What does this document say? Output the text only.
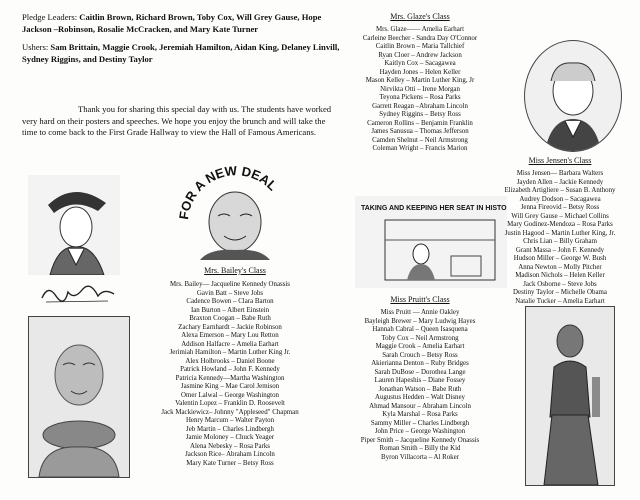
Pledge Leaders: Caitlin Brown, Richard Brown, Toby Cox, Will Grey Gause, Hope Jackson –Robinson, Rosalie McCracken, and Mary Kate Turner

Ushers: Sam Brittain, Maggie Crook, Jeremiah Hamilton, Aidan King, Delaney Linvill, Sydney Riggins, and Destiny Taylor

Thank you for sharing this special day with us. The students have worked very hard on their posters and speeches. We hope you enjoy the brunch and will take the time to come back to the First Grade Hallway to view the Hall of Famous Americans.
FOR A NEW DEAL
Mrs. Bailey's Class
Mrs. Bailey— Jacqueline Kennedy Onassis
Gavin Batt – Steve Jobs
Cadence Bowen – Clara Barton
Ian Burton – Albert Einstein
Braxton Coogan – Babe Ruth
Zachary Earnhardt – Jackie Robinson
Alexa Emerson – Mary Lou Retton
Addison Halfacre – Amelia Earhart
Jerimiah Hamilton – Martin Luther King Jr.
Alex Holbrooks – Daniel Boone
Patrick Howland – John F. Kennedy
Patricia Kennedy—Martha Washington
Jasmine King – Mae Carol Jemison
Omer Lalwal – George Washington
Valentin Lopez – Franklin D. Roosevelt
Jack Mackiewicz– Johnny "Appleseed" Chapman
Henry Marcum – Walter Payton
Jeb Martin – Charles Lindbergh
Jamie Moloney – Chuck Yeager
Alena Nebesky – Rosa Parks
Jackson Rice– Abraham Lincoln
Mary Kate Turner – Betsy Ross
Mrs. Glaze's Class
Mrs. Glaze—— Amelia Earhart
Carleine Beecher - Sandra Day O'Connor
Caitlin Brown – Maria Tallchief
Ryan Cloer – Andrew Jackson
Kaitlyn Cox – Sacagawea
Hayden Jones – Helen Keller
Mason Kelley – Martin Luther King, Jr
Nirvikta Otti – Irene Morgan
Teyona Pickens – Rosa Parks
Garrett Reagan –Abraham Lincoln
Sydney Riggins – Betsy Ross
Cameron Rollins – Benjamin Franklin
James Sanusua – Thomas Jefferson
Camden Shelnut – Neil Armstrong
Coleman Wright – Francis Marion
TAKING AND KEEPING HER SEAT IN HISTORY
Miss Jensen's Class
Miss Jensen— Barbara Walters
Jayden Allen – Jackie Kennedy
Elizabeth Artigliere – Susan B. Anthony
Audrey Dodson – Sacagawea
Jenna Fireovid – Betsy Ross
Will Grey Gause – Michael Collins
Mary Godinez-Mendoza – Rosa Parks
Justin Hagood – Martin Luther King, Jr.
Chris Lian – Billy Graham
Grant Massa – John F. Kennedy
Hudson Miller – George W. Bush
Anna Newton – Molly Pitcher
Madison Nichols – Helen Keller
Jack Osborne – Steve Jobs
Destiny Taylor – Michelle Obama
Natalie Tucker – Amelia Earhart
Miss Pruitt's Class
Miss Pruitt — Annie Oakley
Bayleigh Brewer – Mary Ludwig Hayes
Hannah Cabral – Queen Isasquena
Toby Cox – Neil Armstrong
Maggie Crook – Amelia Earhart
Sarah Crouch – Betsy Ross
Akierianna Denton – Ruby Bridges
Sarah DuBose – Dorothea Lange
Lauren Hapeshis – Diane Fossey
Jonathan Watson – Babe Ruth
Augustus Hedden – Walt Disney
Ahmad Mansour – Abraham Lincoln
Kyla Marshal – Rosa Parks
Sammy Miller – Charles Lindbergh
John Price – George Washington
Piper Smith – Jacqueline Kennedy Onassis
Roman Smith – Billy the Kid
Byron Villacorta – Al Roker
